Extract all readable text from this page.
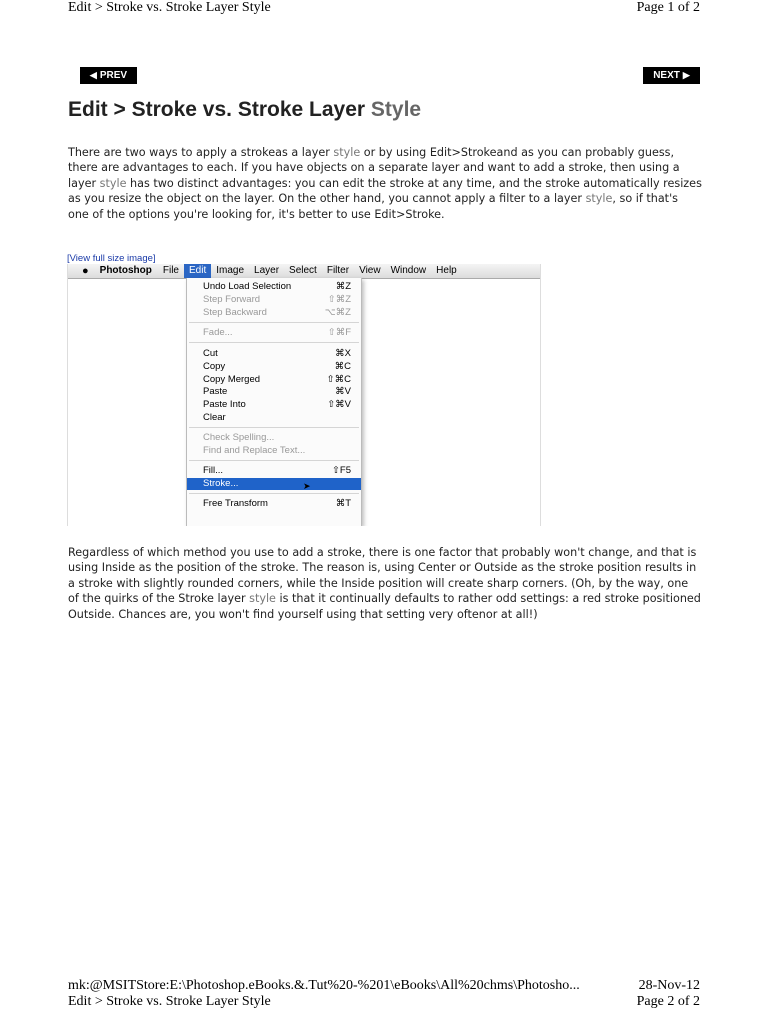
Edit > Stroke vs. Stroke Layer Style	Page 1 of 2
◀ PREV	NEXT ▶
Edit > Stroke vs. Stroke Layer Style
There are two ways to apply a strokeas a layer style or by using Edit>Strokeand as you can probably guess, there are advantages to each. If you have objects on a separate layer and want to add a stroke, then using a layer style has two distinct advantages: you can edit the stroke at any time, and the stroke automatically resizes as you resize the object on the layer. On the other hand, you cannot apply a filter to a layer style, so if that's one of the options you're looking for, it's better to use Edit>Stroke.
[View full size image]
●	Photoshop	File	Edit	Image	Layer	Select	Filter	View	Window	Help
Undo Load Selection	⌘Z
Step Forward	⇧⌘Z
Step Backward	⌥⌘Z
Fade...	⇧⌘F
Cut	⌘X
Copy	⌘C
Copy Merged	⇧⌘C
Paste	⌘V
Paste Into	⇧⌘V
Clear
Check Spelling...
Find and Replace Text...
Fill...	⇧F5
Stroke...	➤
Free Transform	⌘T
Regardless of which method you use to add a stroke, there is one factor that probably won't change, and that is using Inside as the position of the stroke. The reason is, using Center or Outside as the stroke position results in a stroke with slightly rounded corners, while the Inside position will create sharp corners. (Oh, by the way, one of the quirks of the Stroke layer style is that it continually defaults to rather odd settings: a red stroke positioned Outside. Chances are, you won't find yourself using that setting very oftenor at all!)
mk:@MSITStore:E:\Photoshop.eBooks.&.Tut%20-%201\eBooks\All%20chms\Photosho...
Edit > Stroke vs. Stroke Layer Style
28-Nov-12
Page 2 of 2
